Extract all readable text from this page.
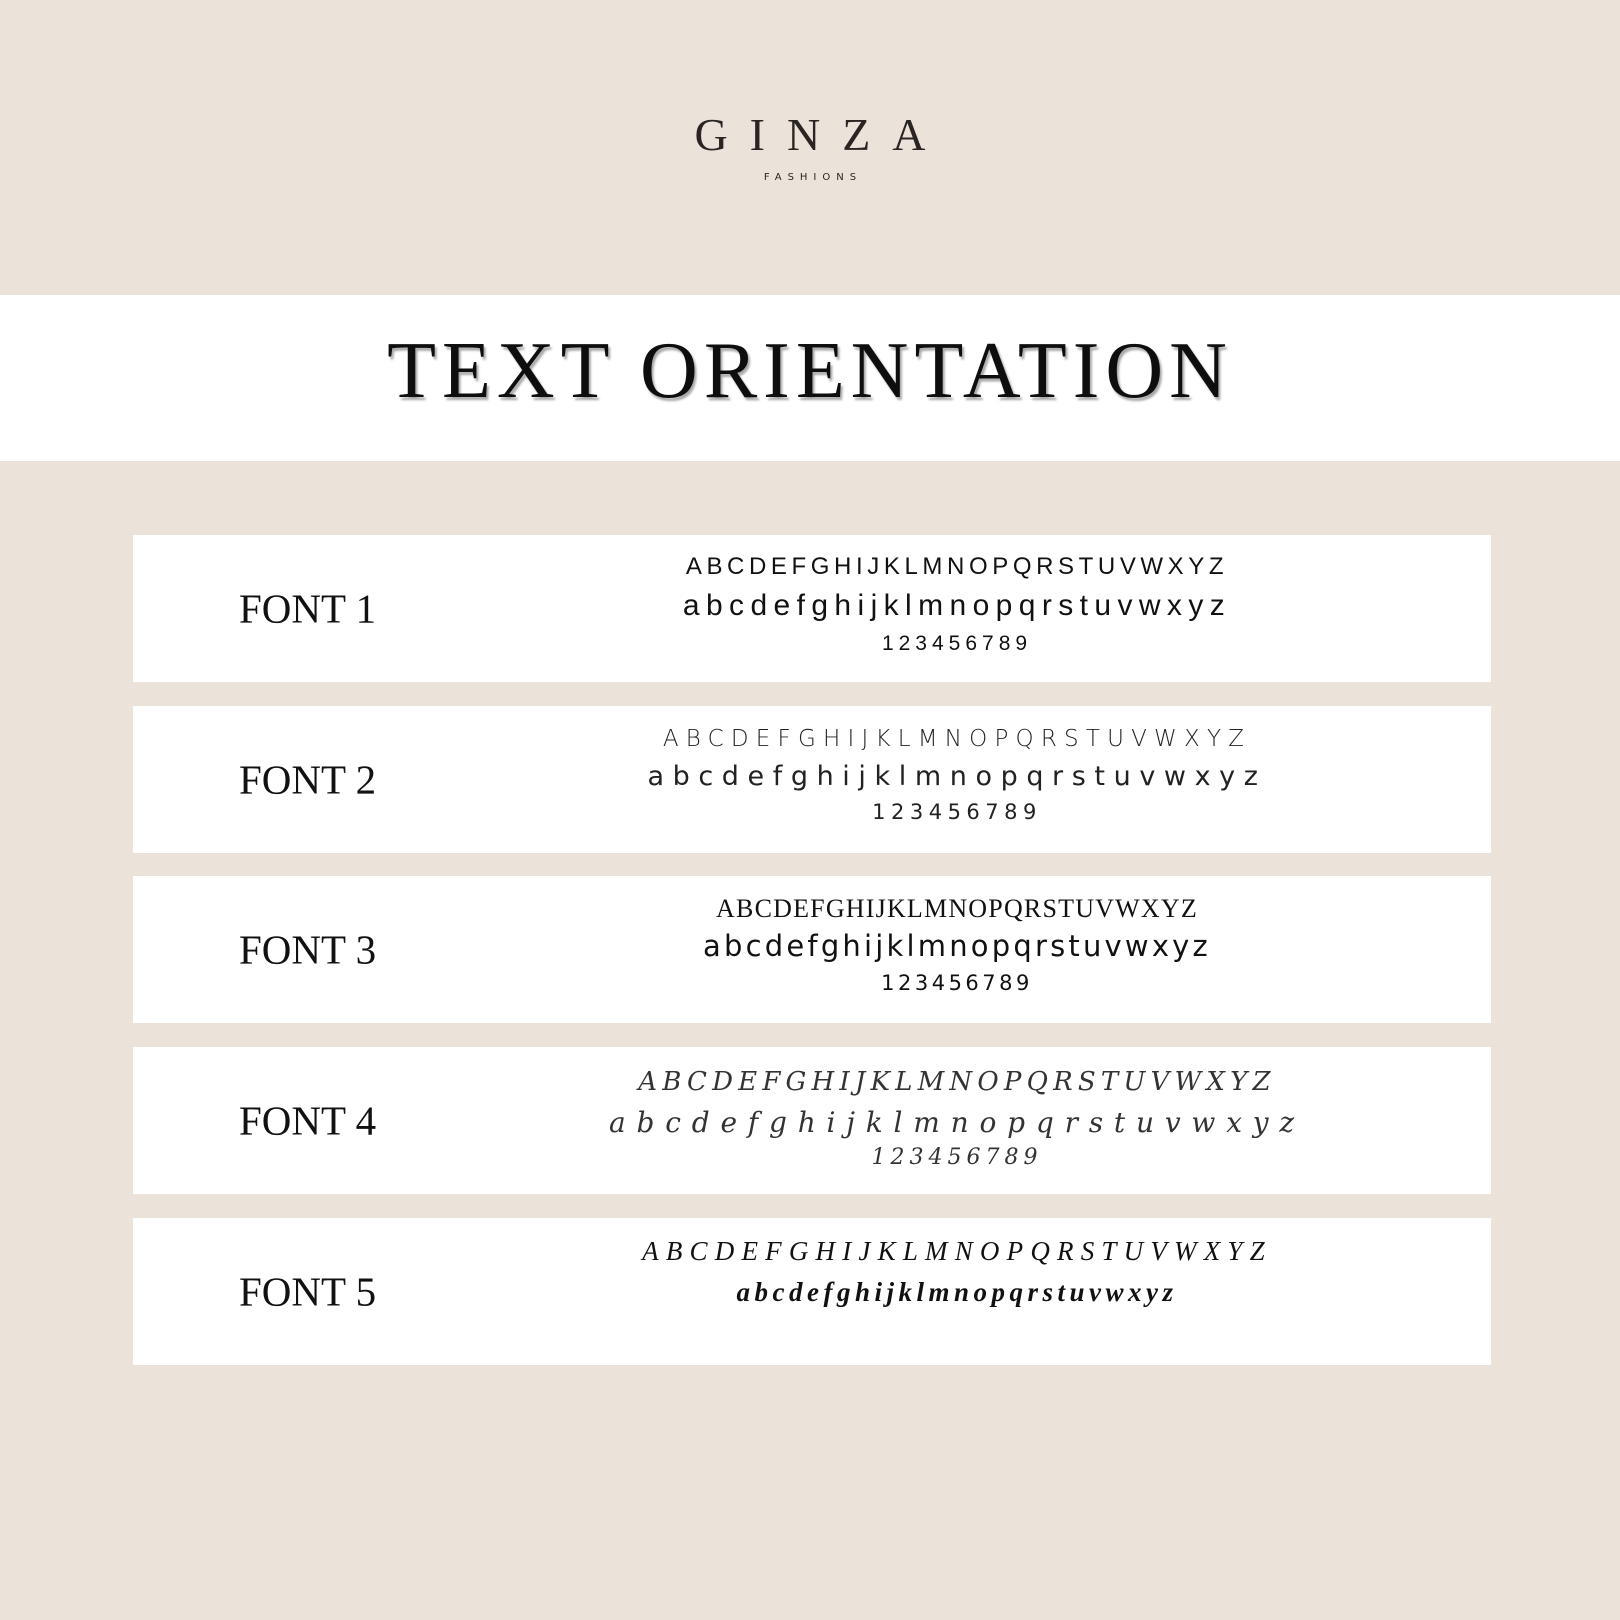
GINZA
FASHIONS
TEXT ORIENTATION
FONT 1
ABCDEFGHIJKLMNOPQRSTUVWXYZ
abcdefghijklmnopqrstuvwxyz
123456789
FONT 2
ABCDEFGHIJKLMNOPQRSTUVWXYZ
abcdefghijklmnopqrstuvwxyz
123456789
FONT 3
ABCDEFGHIJKLMNOPQRSTUVWXYZ
abcdefghijklmnopqrstuvwxyz
123456789
FONT 4
ABCDEFGHIJKLMNOPQRSTUVWXYZ
abcdefghijklmnopqrstuvwxyz
123456789
FONT 5
ABCDEFGHIJKLMNOPQRSTUVWXYZ
abcdefghijklmnopqrstuvwxyz
